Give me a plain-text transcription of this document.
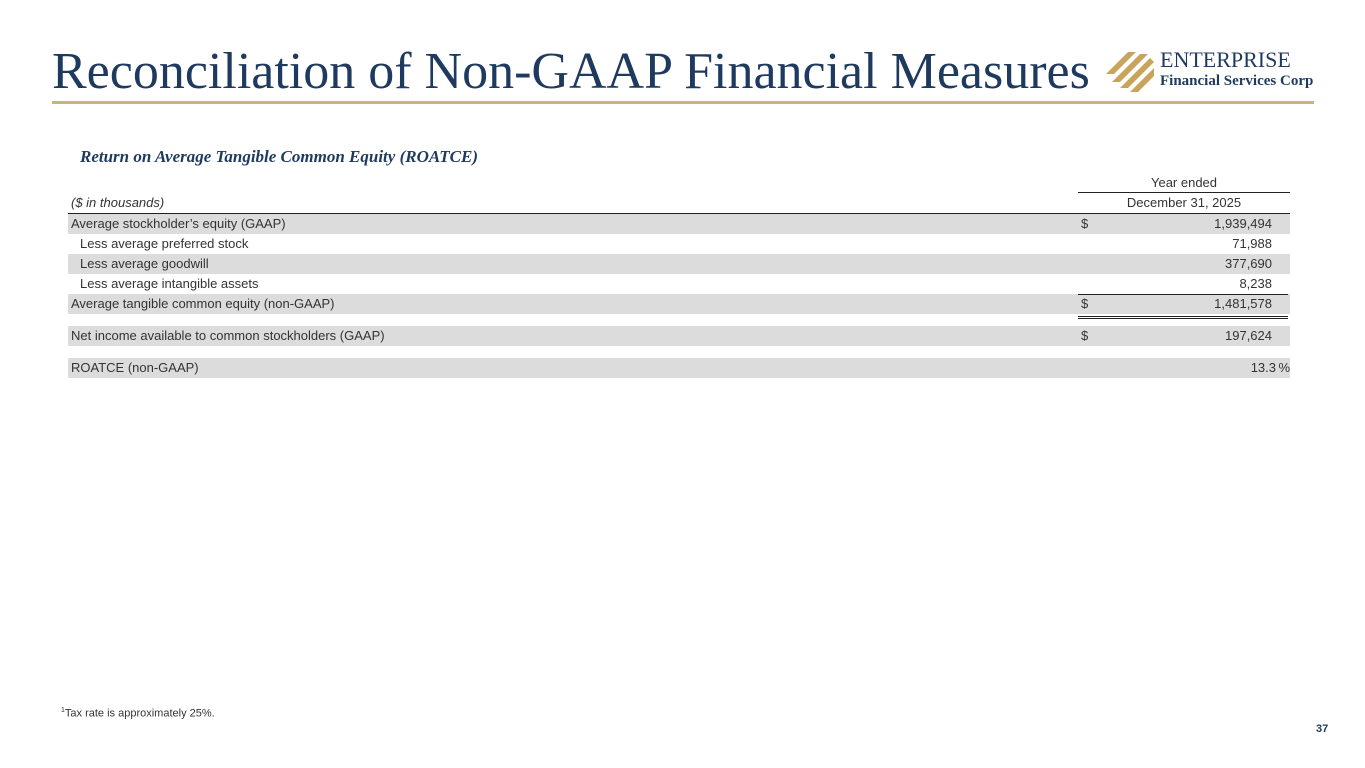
Reconciliation of Non-GAAP Financial Measures	ENTERPRISE
Financial Services Corp
Return on Average Tangible Common Equity (ROATCE)
Year ended
($ in thousands)	December 31, 2025
Average stockholder’s equity (GAAP)	$	1,939,494
Less average preferred stock	71,988
Less average goodwill	377,690
Less average intangible assets	8,238
Average tangible common equity (non-GAAP)	$	1,481,578
Net income available to common stockholders (GAAP)	$	197,624
ROATCE (non-GAAP)	13.3 %
$^1$Tax rate is approximately 25%.
37
